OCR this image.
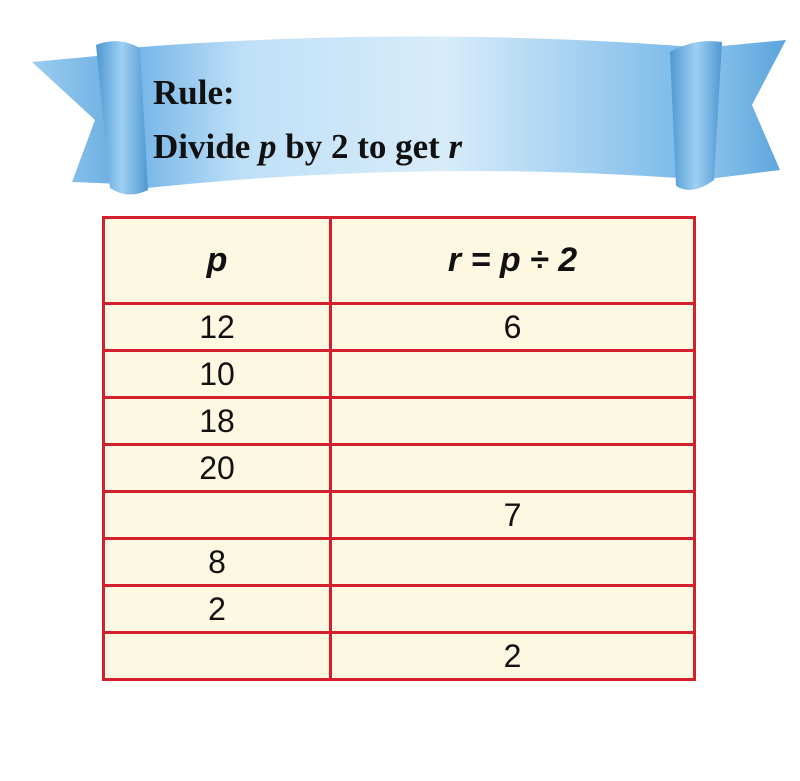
Rule:
Divide p by 2 to get r
p	r = p ÷ 2
12	6
10	
18	
20	
	7
8	
2	
	2
